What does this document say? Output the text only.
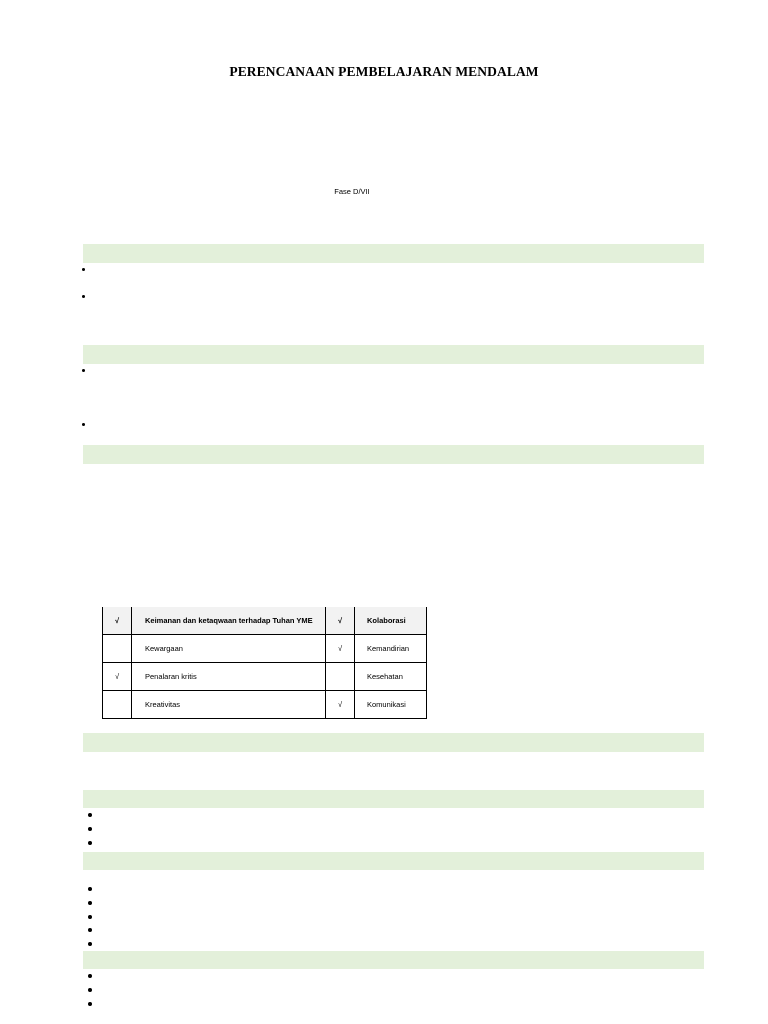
PERENCANAAN PEMBELAJARAN MENDALAM
Fase D/VII
√	Keimanan dan ketaqwaan terhadap Tuhan YME	√	Kolaborasi
	Kewargaan	√	Kemandirian
√	Penalaran kritis		Kesehatan
	Kreativitas	√	Komunikasi
